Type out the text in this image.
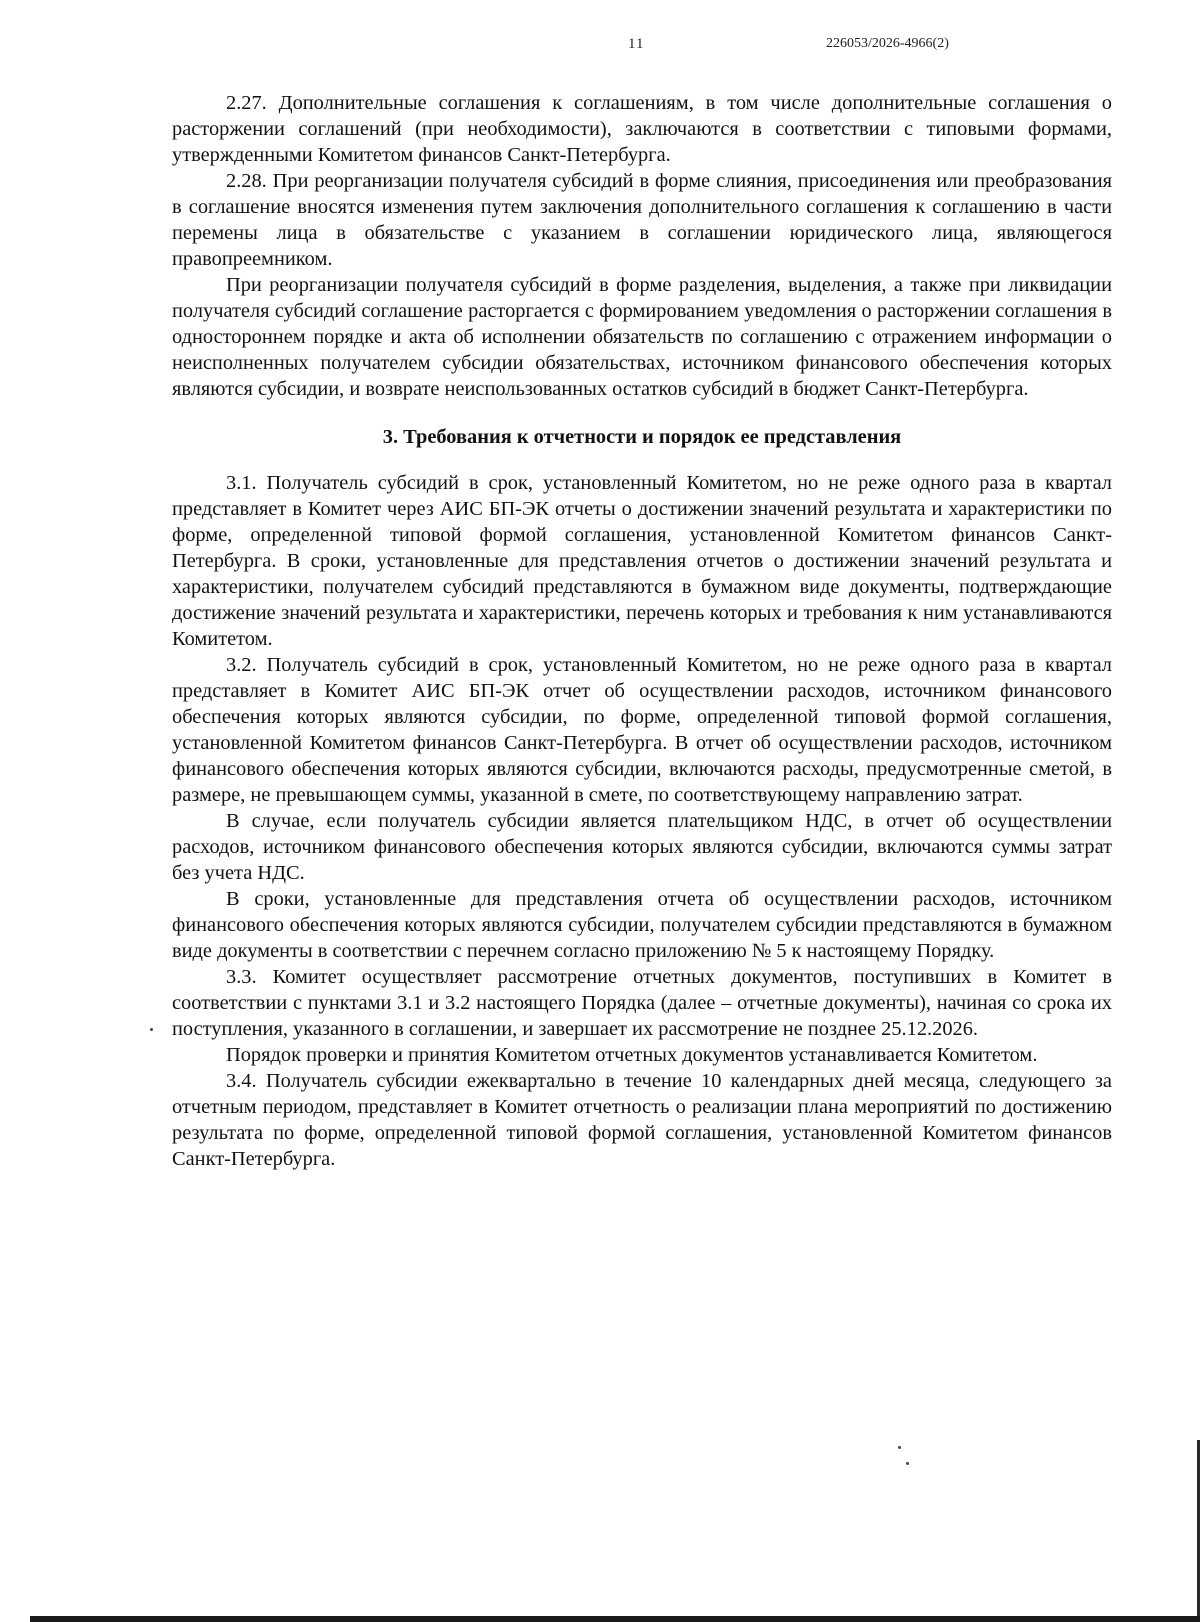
11	226053/2026-4966(2)

2.27. Дополнительные соглашения к соглашениям, в том числе дополнительные соглашения о расторжении соглашений (при необходимости), заключаются в соответствии с типовыми формами, утвержденными Комитетом финансов Санкт-Петербурга.

2.28. При реорганизации получателя субсидий в форме слияния, присоединения или преобразования в соглашение вносятся изменения путем заключения дополнительного соглашения к соглашению в части перемены лица в обязательстве с указанием в соглашении юридического лица, являющегося правопреемником.

При реорганизации получателя субсидий в форме разделения, выделения, а также при ликвидации получателя субсидий соглашение расторгается с формированием уведомления о расторжении соглашения в одностороннем порядке и акта об исполнении обязательств по соглашению с отражением информации о неисполненных получателем субсидии обязательствах, источником финансового обеспечения которых являются субсидии, и возврате неиспользованных остатков субсидий в бюджет Санкт-Петербурга.

3. Требования к отчетности и порядок ее представления

3.1. Получатель субсидий в срок, установленный Комитетом, но не реже одного раза в квартал представляет в Комитет через АИС БП-ЭК отчеты о достижении значений результата и характеристики по форме, определенной типовой формой соглашения, установленной Комитетом финансов Санкт-Петербурга. В сроки, установленные для представления отчетов о достижении значений результата и характеристики, получателем субсидий представляются в бумажном виде документы, подтверждающие достижение значений результата и характеристики, перечень которых и требования к ним устанавливаются Комитетом.

3.2. Получатель субсидий в срок, установленный Комитетом, но не реже одного раза в квартал представляет в Комитет АИС БП-ЭК отчет об осуществлении расходов, источником финансового обеспечения которых являются субсидии, по форме, определенной типовой формой соглашения, установленной Комитетом финансов Санкт-Петербурга. В отчет об осуществлении расходов, источником финансового обеспечения которых являются субсидии, включаются расходы, предусмотренные сметой, в размере, не превышающем суммы, указанной в смете, по соответствующему направлению затрат.

В случае, если получатель субсидии является плательщиком НДС, в отчет об осуществлении расходов, источником финансового обеспечения которых являются субсидии, включаются суммы затрат без учета НДС.

В сроки, установленные для представления отчета об осуществлении расходов, источником финансового обеспечения которых являются субсидии, получателем субсидии представляются в бумажном виде документы в соответствии с перечнем согласно приложению № 5 к настоящему Порядку.

3.3. Комитет осуществляет рассмотрение отчетных документов, поступивших в Комитет в соответствии с пунктами 3.1 и 3.2 настоящего Порядка (далее – отчетные документы), начиная со срока их поступления, указанного в соглашении, и завершает их рассмотрение не позднее 25.12.2026.

Порядок проверки и принятия Комитетом отчетных документов устанавливается Комитетом.

3.4. Получатель субсидии ежеквартально в течение 10 календарных дней месяца, следующего за отчетным периодом, представляет в Комитет отчетность о реализации плана мероприятий по достижению результата по форме, определенной типовой формой соглашения, установленной Комитетом финансов Санкт-Петербурга.
